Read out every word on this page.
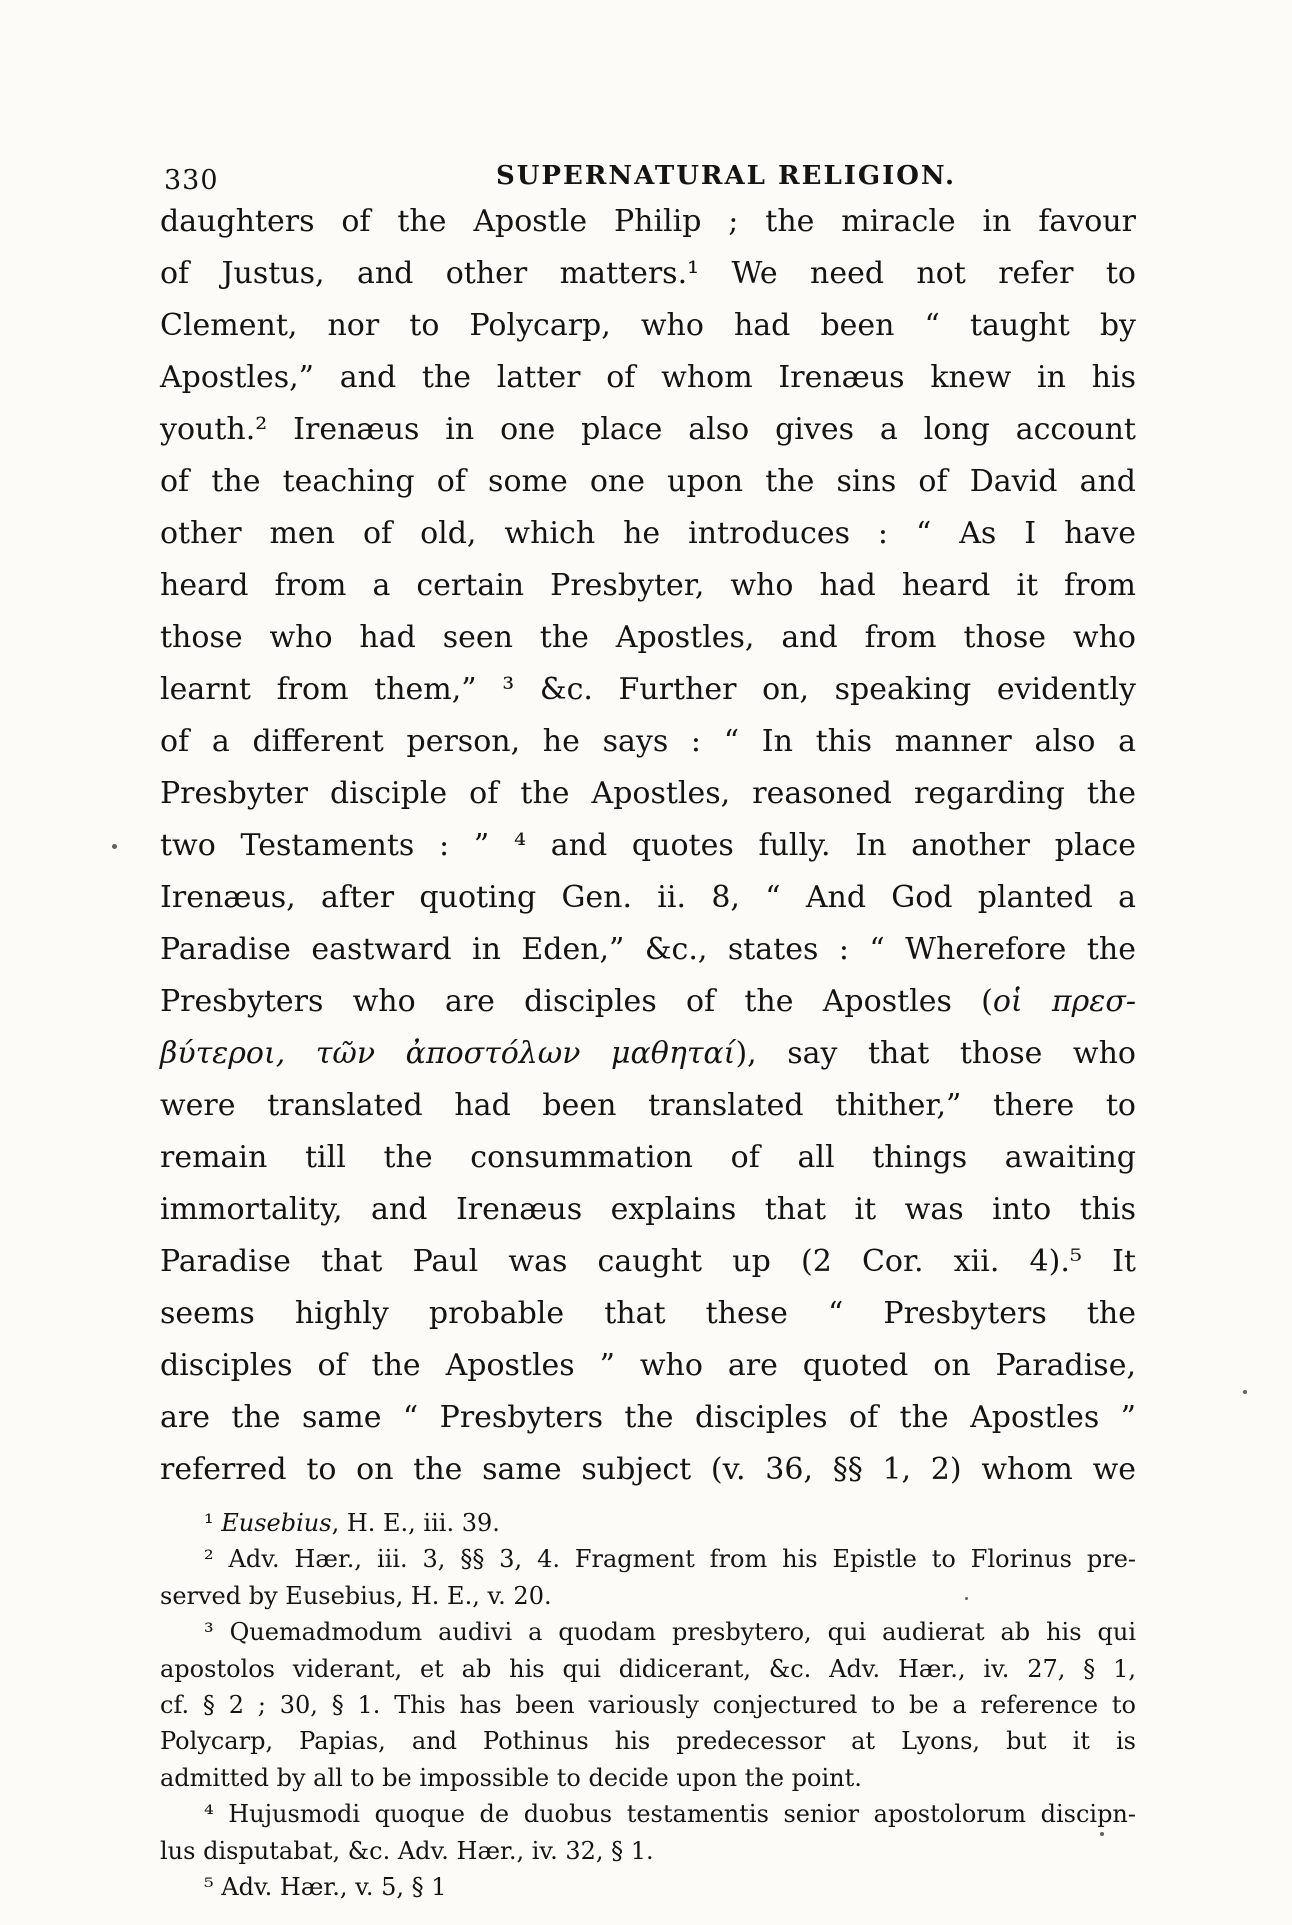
330	SUPERNATURAL RELIGION.
daughters of the Apostle Philip ; the miracle in favour
of Justus, and other matters.¹ We need not refer to
Clement, nor to Polycarp, who had been “ taught by
Apostles,” and the latter of whom Irenæus knew in his
youth.² Irenæus in one place also gives a long account
of the teaching of some one upon the sins of David and
other men of old, which he introduces : “ As I have
heard from a certain Presbyter, who had heard it from
those who had seen the Apostles, and from those who
learnt from them,” ³ &c. Further on, speaking evidently
of a different person, he says : “ In this manner also a
Presbyter disciple of the Apostles, reasoned regarding the
two Testaments : ” ⁴ and quotes fully. In another place
Irenæus, after quoting Gen. ii. 8, “ And God planted a
Paradise eastward in Eden,” &c., states : “ Wherefore the
Presbyters who are disciples of the Apostles (οἱ πρεσ-
βύτεροι, τῶν ἀποστόλων μαθηταί), say that those who
were translated had been translated thither,” there to
remain till the consummation of all things awaiting
immortality, and Irenæus explains that it was into this
Paradise that Paul was caught up (2 Cor. xii. 4).⁵ It
seems highly probable that these “ Presbyters the
disciples of the Apostles ” who are quoted on Paradise,
are the same “ Presbyters the disciples of the Apostles ”
referred to on the same subject (v. 36, §§ 1, 2) whom we
¹ Eusebius, H. E., iii. 39.
² Adv. Hær., iii. 3, §§ 3, 4. Fragment from his Epistle to Florinus pre-
served by Eusebius, H. E., v. 20.
³ Quemadmodum audivi a quodam presbytero, qui audierat ab his qui
apostolos viderant, et ab his qui didicerant, &c. Adv. Hær., iv. 27, § 1,
cf. § 2 ; 30, § 1. This has been variously conjectured to be a reference to
Polycarp, Papias, and Pothinus his predecessor at Lyons, but it is
admitted by all to be impossible to decide upon the point.
⁴ Hujusmodi quoque de duobus testamentis senior apostolorum discipn-
lus disputabat, &c. Adv. Hær., iv. 32, § 1.
⁵ Adv. Hær., v. 5, § 1
